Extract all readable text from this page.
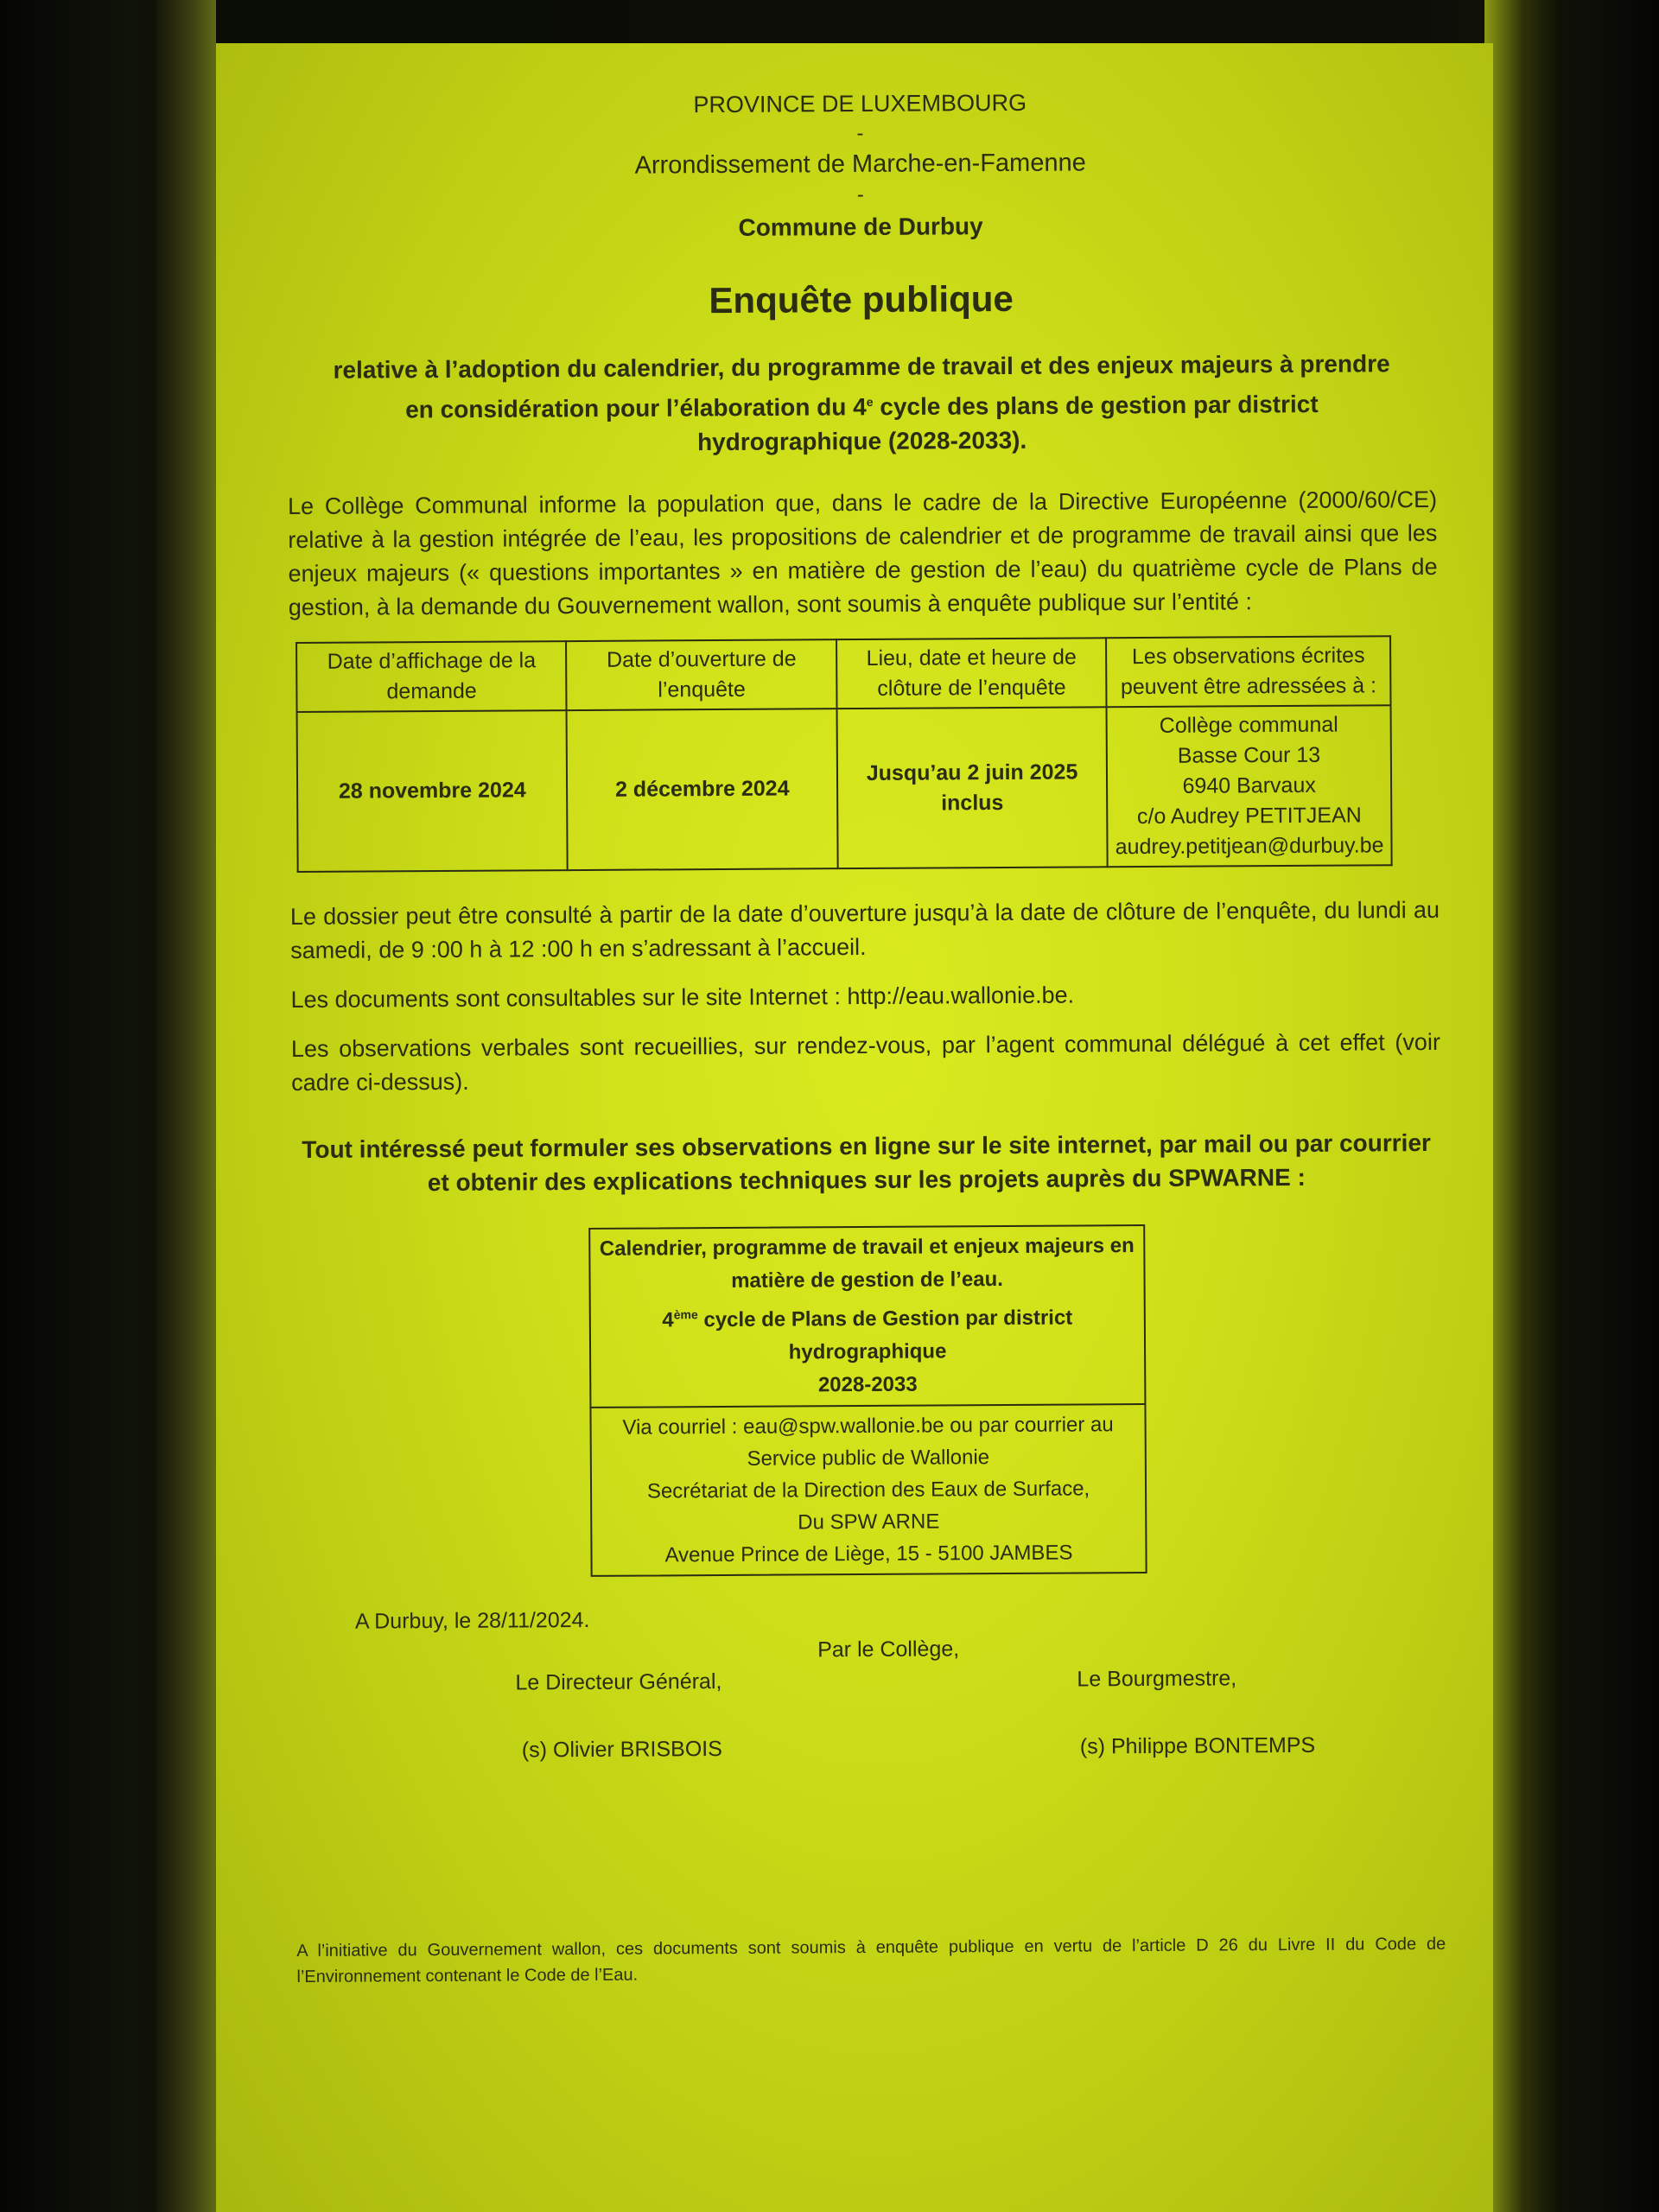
PROVINCE DE LUXEMBOURG
-
Arrondissement de Marche-en-Famenne
-
Commune de Durbuy
Enquête publique
relative à l’adoption du calendrier, du programme de travail et des enjeux majeurs à prendre en considération pour l’élaboration du 4e cycle des plans de gestion par district hydrographique (2028-2033).
Le Collège Communal informe la population que, dans le cadre de la Directive Européenne (2000/60/CE) relative à la gestion intégrée de l’eau, les propositions de calendrier et de programme de travail ainsi que les enjeux majeurs (« questions importantes » en matière de gestion de l’eau) du quatrième cycle de Plans de gestion, à la demande du Gouvernement wallon, sont soumis à enquête publique sur l’entité :
Date d’affichage de la demande	Date d’ouverture de l’enquête	Lieu, date et heure de clôture de l’enquête	Les observations écrites peuvent être adressées à :
28 novembre 2024	2 décembre 2024	Jusqu’au 2 juin 2025 inclus	Collège communal
Basse Cour 13
6940 Barvaux
c/o Audrey PETITJEAN
audrey.petitjean@durbuy.be
Le dossier peut être consulté à partir de la date d’ouverture jusqu’à la date de clôture de l’enquête, du lundi au samedi, de 9 :00 h à 12 :00 h en s’adressant à l’accueil.
Les documents sont consultables sur le site Internet : http://eau.wallonie.be.
Les observations verbales sont recueillies, sur rendez-vous, par l’agent communal délégué à cet effet (voir cadre ci-dessus).
Tout intéressé peut formuler ses observations en ligne sur le site internet, par mail ou par courrier et obtenir des explications techniques sur les projets auprès du SPWARNE :
Calendrier, programme de travail et enjeux majeurs en
matière de gestion de l’eau.
4ème cycle de Plans de Gestion par district hydrographique
2028-2033
Via courriel : eau@spw.wallonie.be ou par courrier au
Service public de Wallonie
Secrétariat de la Direction des Eaux de Surface,
Du SPW ARNE
Avenue Prince de Liège, 15 - 5100 JAMBES
A Durbuy, le 28/11/2024.
Par le Collège,
Le Directeur Général,	Le Bourgmestre,
(s) Olivier BRISBOIS	(s) Philippe BONTEMPS
A l’initiative du Gouvernement wallon, ces documents sont soumis à enquête publique en vertu de l’article D 26 du Livre II du Code de l’Environnement contenant le Code de l’Eau.
